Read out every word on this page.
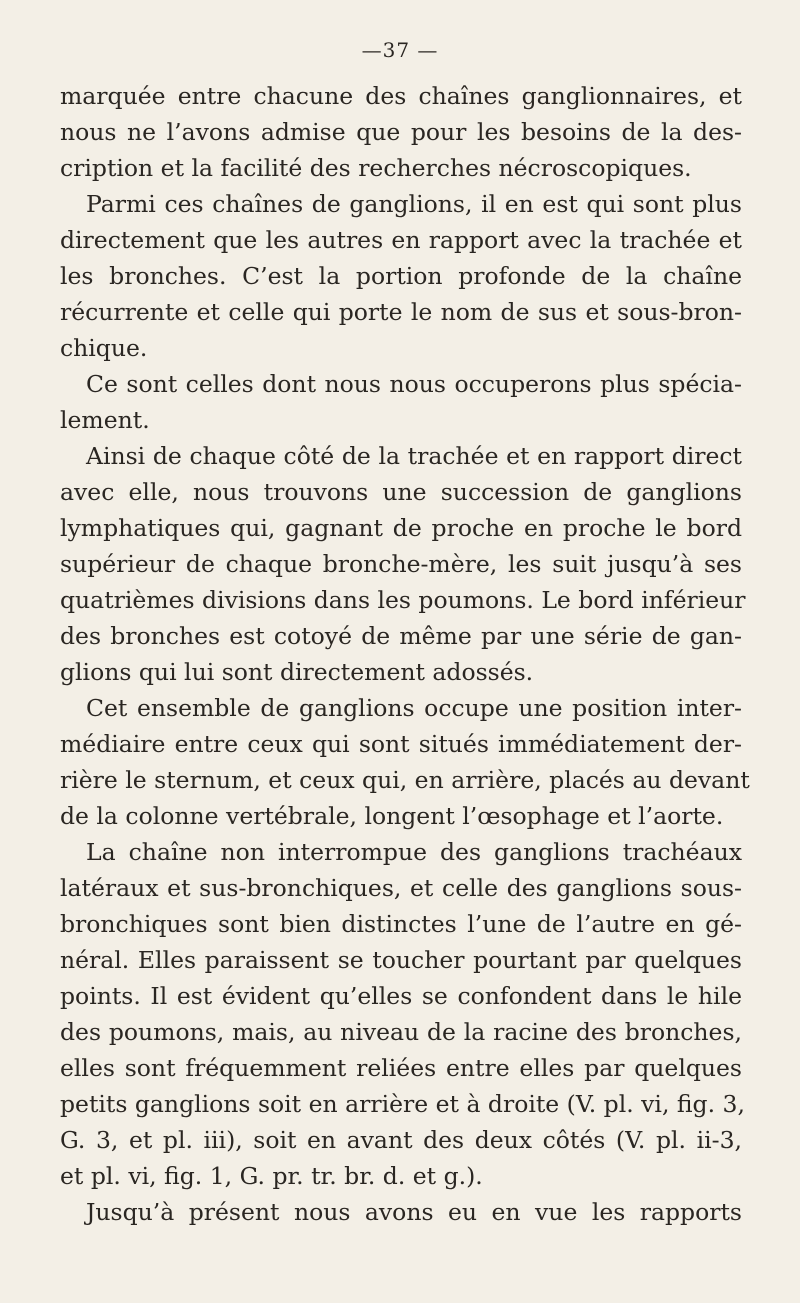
—37 —
marquée entre chacune des chaînes ganglionnaires, et
nous ne l’avons admise que pour les besoins de la des-
cription et la facilité des recherches nécroscopiques.
Parmi ces chaînes de ganglions, il en est qui sont plus
directement que les autres en rapport avec la trachée et
les bronches. C’est la portion profonde de la chaîne
récurrente et celle qui porte le nom de sus et sous-bron-
chique.
Ce sont celles dont nous nous occuperons plus spécia-
lement.
Ainsi de chaque côté de la trachée et en rapport direct
avec elle, nous trouvons une succession de ganglions
lymphatiques qui, gagnant de proche en proche le bord
supérieur de chaque bronche-mère, les suit jusqu’à ses
quatrièmes divisions dans les poumons. Le bord inférieur
des bronches est cotoyé de même par une série de gan-
glions qui lui sont directement adossés.
Cet ensemble de ganglions occupe une position inter-
médiaire entre ceux qui sont situés immédiatement der-
rière le sternum, et ceux qui, en arrière, placés au devant
de la colonne vertébrale, longent l’œsophage et l’aorte.
La chaîne non interrompue des ganglions trachéaux
latéraux et sus-bronchiques, et celle des ganglions sous-
bronchiques sont bien distinctes l’une de l’autre en gé-
néral. Elles paraissent se toucher pourtant par quelques
points. Il est évident qu’elles se confondent dans le hile
des poumons, mais, au niveau de la racine des bronches,
elles sont fréquemment reliées entre elles par quelques
petits ganglions soit en arrière et à droite (V. pl. vi, fig. 3,
G. 3, et pl. iii), soit en avant des deux côtés (V. pl. ii-3,
et pl. vi, fig. 1, G. pr. tr. br. d. et g.).
Jusqu’à présent nous avons eu en vue les rapports
